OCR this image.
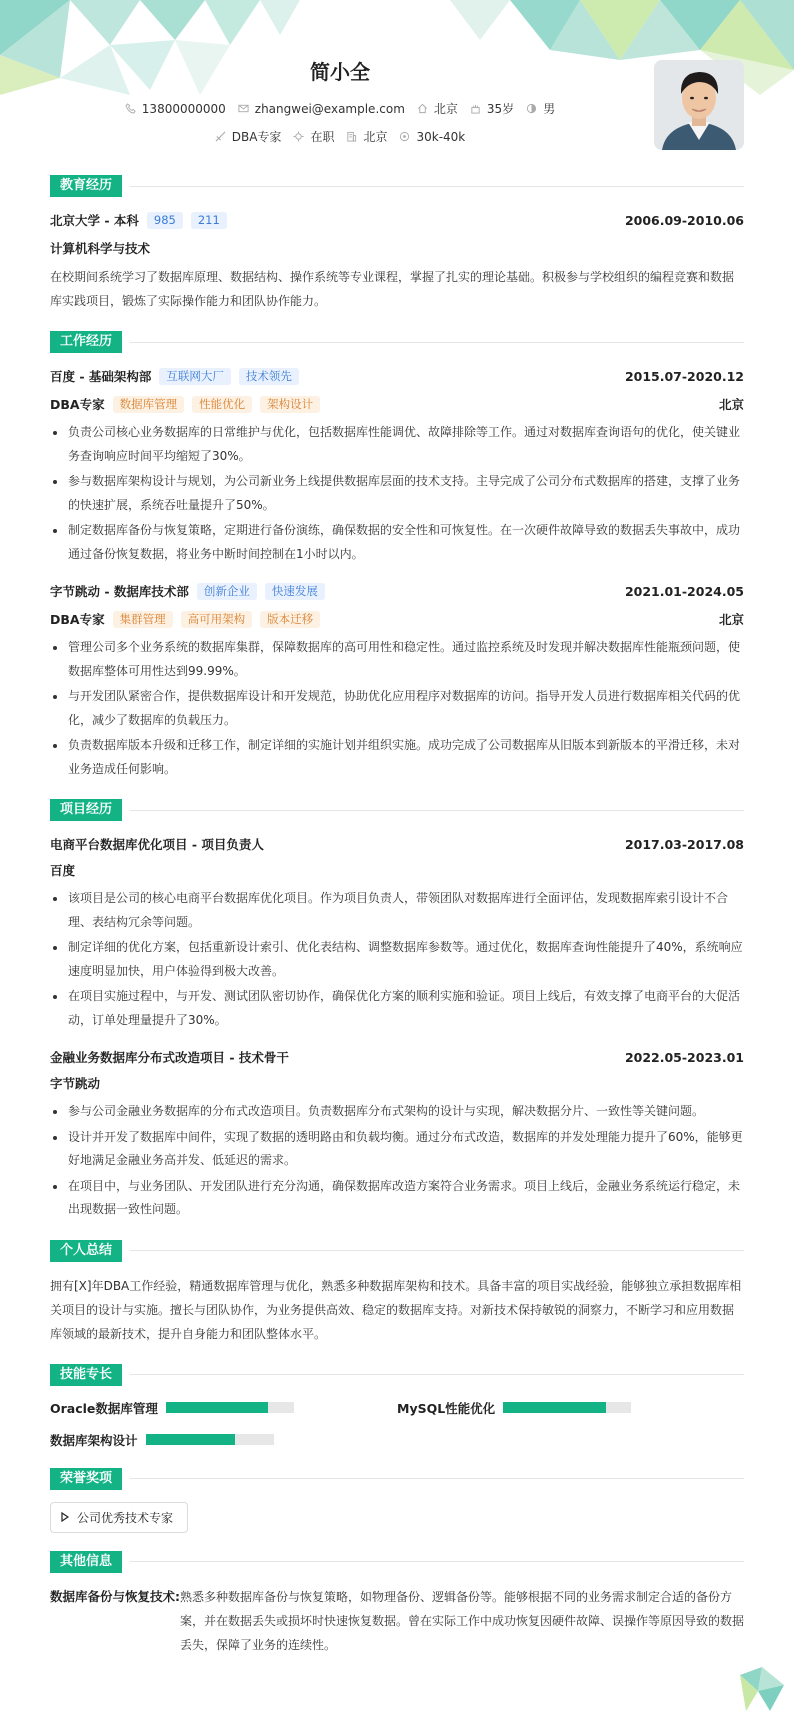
简小全
13800000000 zhangwei@example.com 北京 35岁 男
DBA专家 在职 北京 30k-40k
教育经历
北京大学 - 本科	985	211	2006.09-2010.06
计算机科学与技术
在校期间系统学习了数据库原理、数据结构、操作系统等专业课程，掌握了扎实的理论基础。积极参与学校组织的编程竞赛和数据库实践项目，锻炼了实际操作能力和团队协作能力。
工作经历
百度 - 基础架构部	互联网大厂	技术领先	2015.07-2020.12
DBA专家	数据库管理	性能优化	架构设计	北京
负责公司核心业务数据库的日常维护与优化，包括数据库性能调优、故障排除等工作。通过对数据库查询语句的优化，使关键业务查询响应时间平均缩短了30%。
参与数据库架构设计与规划，为公司新业务上线提供数据库层面的技术支持。主导完成了公司分布式数据库的搭建，支撑了业务的快速扩展，系统吞吐量提升了50%。
制定数据库备份与恢复策略，定期进行备份演练，确保数据的安全性和可恢复性。在一次硬件故障导致的数据丢失事故中，成功通过备份恢复数据，将业务中断时间控制在1小时以内。
字节跳动 - 数据库技术部	创新企业	快速发展	2021.01-2024.05
DBA专家	集群管理	高可用架构	版本迁移	北京
管理公司多个业务系统的数据库集群，保障数据库的高可用性和稳定性。通过监控系统及时发现并解决数据库性能瓶颈问题，使数据库整体可用性达到99.99%。
与开发团队紧密合作，提供数据库设计和开发规范，协助优化应用程序对数据库的访问。指导开发人员进行数据库相关代码的优化，减少了数据库的负载压力。
负责数据库版本升级和迁移工作，制定详细的实施计划并组织实施。成功完成了公司数据库从旧版本到新版本的平滑迁移，未对业务造成任何影响。
项目经历
电商平台数据库优化项目 - 项目负责人	2017.03-2017.08
百度
该项目是公司的核心电商平台数据库优化项目。作为项目负责人，带领团队对数据库进行全面评估，发现数据库索引设计不合理、表结构冗余等问题。
制定详细的优化方案，包括重新设计索引、优化表结构、调整数据库参数等。通过优化，数据库查询性能提升了40%，系统响应速度明显加快，用户体验得到极大改善。
在项目实施过程中，与开发、测试团队密切协作，确保优化方案的顺利实施和验证。项目上线后，有效支撑了电商平台的大促活动，订单处理量提升了30%。
金融业务数据库分布式改造项目 - 技术骨干	2022.05-2023.01
字节跳动
参与公司金融业务数据库的分布式改造项目。负责数据库分布式架构的设计与实现，解决数据分片、一致性等关键问题。
设计并开发了数据库中间件，实现了数据的透明路由和负载均衡。通过分布式改造，数据库的并发处理能力提升了60%，能够更好地满足金融业务高并发、低延迟的需求。
在项目中，与业务团队、开发团队进行充分沟通，确保数据库改造方案符合业务需求。项目上线后，金融业务系统运行稳定，未出现数据一致性问题。
个人总结
拥有[X]年DBA工作经验，精通数据库管理与优化，熟悉多种数据库架构和技术。具备丰富的项目实战经验，能够独立承担数据库相关项目的设计与实施。擅长与团队协作，为业务提供高效、稳定的数据库支持。对新技术保持敏锐的洞察力，不断学习和应用数据库领域的最新技术，提升自身能力和团队整体水平。
技能专长
Oracle数据库管理	MySQL性能优化
数据库架构设计
荣誉奖项
公司优秀技术专家
其他信息
数据库备份与恢复技术: 熟悉多种数据库备份与恢复策略，如物理备份、逻辑备份等。能够根据不同的业务需求制定合适的备份方案，并在数据丢失或损坏时快速恢复数据。曾在实际工作中成功恢复因硬件故障、误操作等原因导致的数据丢失，保障了业务的连续性。
